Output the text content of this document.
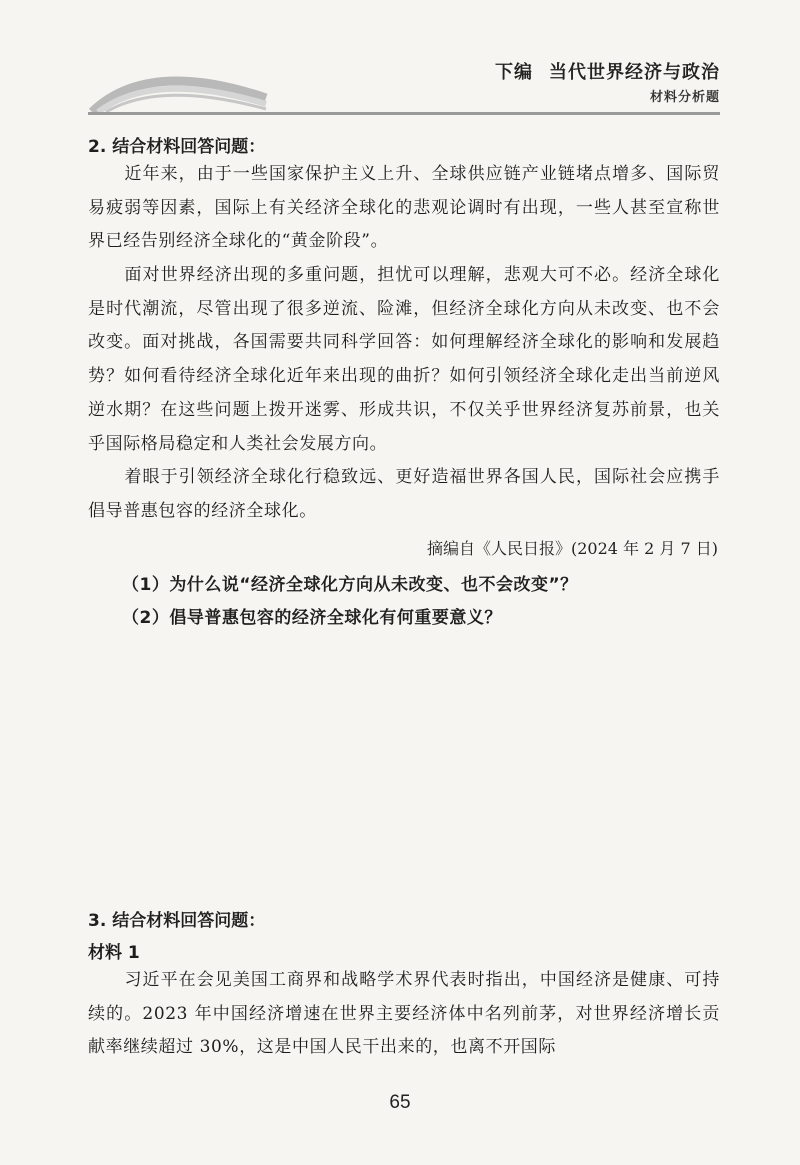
下编 当代世界经济与政治
材料分析题
2. 结合材料回答问题：

近年来，由于一些国家保护主义上升、全球供应链产业链堵点增多、国际贸易疲弱等因素，国际上有关经济全球化的悲观论调时有出现，一些人甚至宣称世界已经告别经济全球化的“黄金阶段”。

面对世界经济出现的多重问题，担忧可以理解，悲观大可不必。经济全球化是时代潮流，尽管出现了很多逆流、险滩，但经济全球化方向从未改变、也不会改变。面对挑战，各国需要共同科学回答：如何理解经济全球化的影响和发展趋势？如何看待经济全球化近年来出现的曲折？如何引领经济全球化走出当前逆风逆水期？在这些问题上拨开迷雾、形成共识，不仅关乎世界经济复苏前景，也关乎国际格局稳定和人类社会发展方向。

着眼于引领经济全球化行稳致远、更好造福世界各国人民，国际社会应携手倡导普惠包容的经济全球化。

摘编自《人民日报》(2024 年 2 月 7 日)
（1）为什么说“经济全球化方向从未改变、也不会改变”？
（2）倡导普惠包容的经济全球化有何重要意义？
3. 结合材料回答问题：
材料 1

习近平在会见美国工商界和战略学术界代表时指出，中国经济是健康、可持续的。2023 年中国经济增速在世界主要经济体中名列前茅，对世界经济增长贡献率继续超过 30%，这是中国人民干出来的，也离不开国际

65
